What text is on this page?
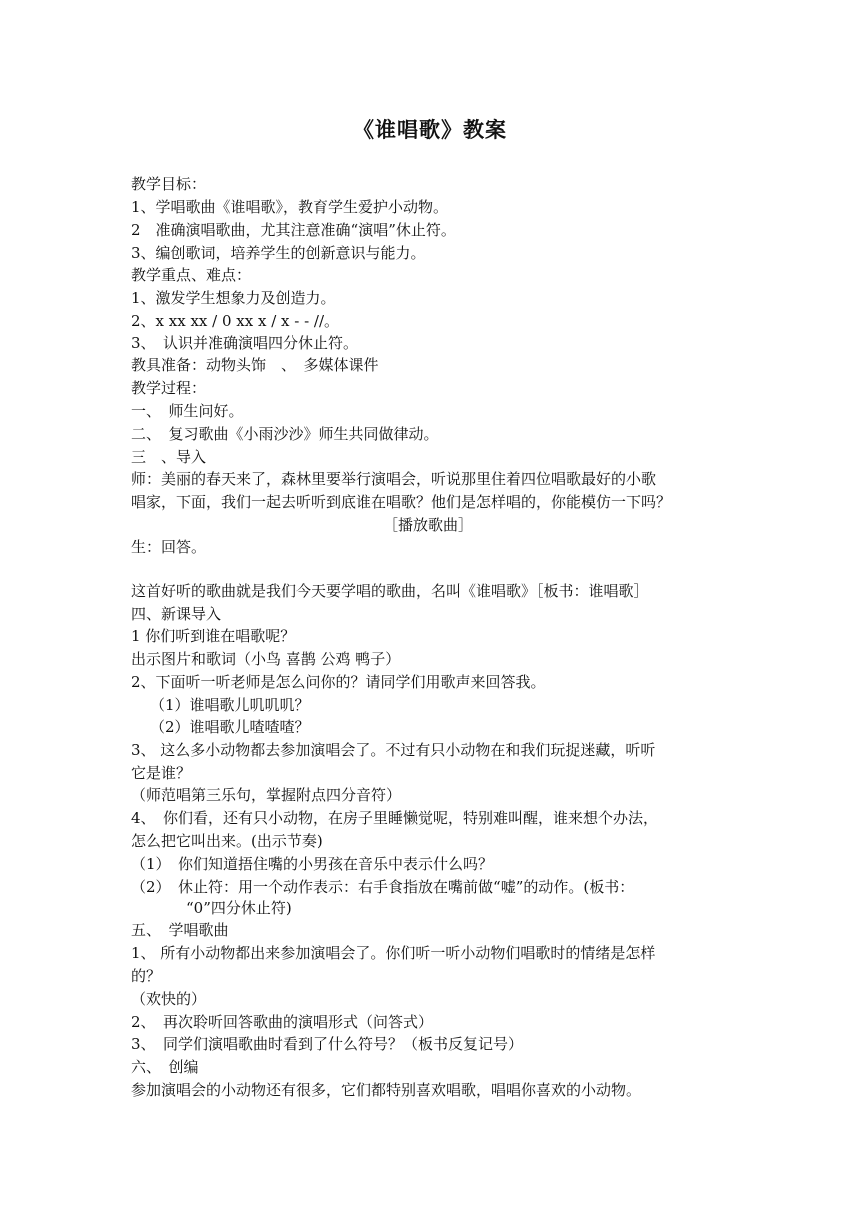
《谁唱歌》教案
教学目标：
1、学唱歌曲《谁唱歌》，教育学生爱护小动物。
2　准确演唱歌曲，尤其注意准确“演唱”休止符。
3、编创歌词，培养学生的创新意识与能力。
教学重点、难点：
1、激发学生想象力及创造力。
2、x xx xx / 0 xx x / x - - //。
3、　认识并准确演唱四分休止符。
教具准备：动物头饰　、　多媒体课件
教学过程：
一、　师生问好。
二、　复习歌曲《小雨沙沙》师生共同做律动。
三　、导入
师：美丽的春天来了，森林里要举行演唱会，听说那里住着四位唱歌最好的小歌
唱家，下面，我们一起去听听到底谁在唱歌？他们是怎样唱的，你能模仿一下吗？
［播放歌曲］
生：回答。
这首好听的歌曲就是我们今天要学唱的歌曲，名叫《谁唱歌》［板书：谁唱歌］
四、新课导入
1 你们听到谁在唱歌呢？
出示图片和歌词（小鸟 喜鹊 公鸡 鸭子）
2、下面听一听老师是怎么问你的？请同学们用歌声来回答我。
（1）谁唱歌儿叽叽叽？
（2）谁唱歌儿喳喳喳？
3、 这么多小动物都去参加演唱会了。不过有只小动物在和我们玩捉迷藏，听听
它是谁？
（师范唱第三乐句，掌握附点四分音符）
4、　你们看，还有只小动物，在房子里睡懒觉呢，特别难叫醒，谁来想个办法，
怎么把它叫出来。(出示节奏)
（1）　你们知道捂住嘴的小男孩在音乐中表示什么吗？
（2）　休止符：用一个动作表示：右手食指放在嘴前做“嘘”的动作。(板书：
“0”四分休止符)
五、　学唱歌曲
1、 所有小动物都出来参加演唱会了。你们听一听小动物们唱歌时的情绪是怎样
的？
（欢快的）
2、　再次聆听回答歌曲的演唱形式（问答式）
3、　同学们演唱歌曲时看到了什么符号？（板书反复记号）
六、　创编
参加演唱会的小动物还有很多，它们都特别喜欢唱歌，唱唱你喜欢的小动物。
